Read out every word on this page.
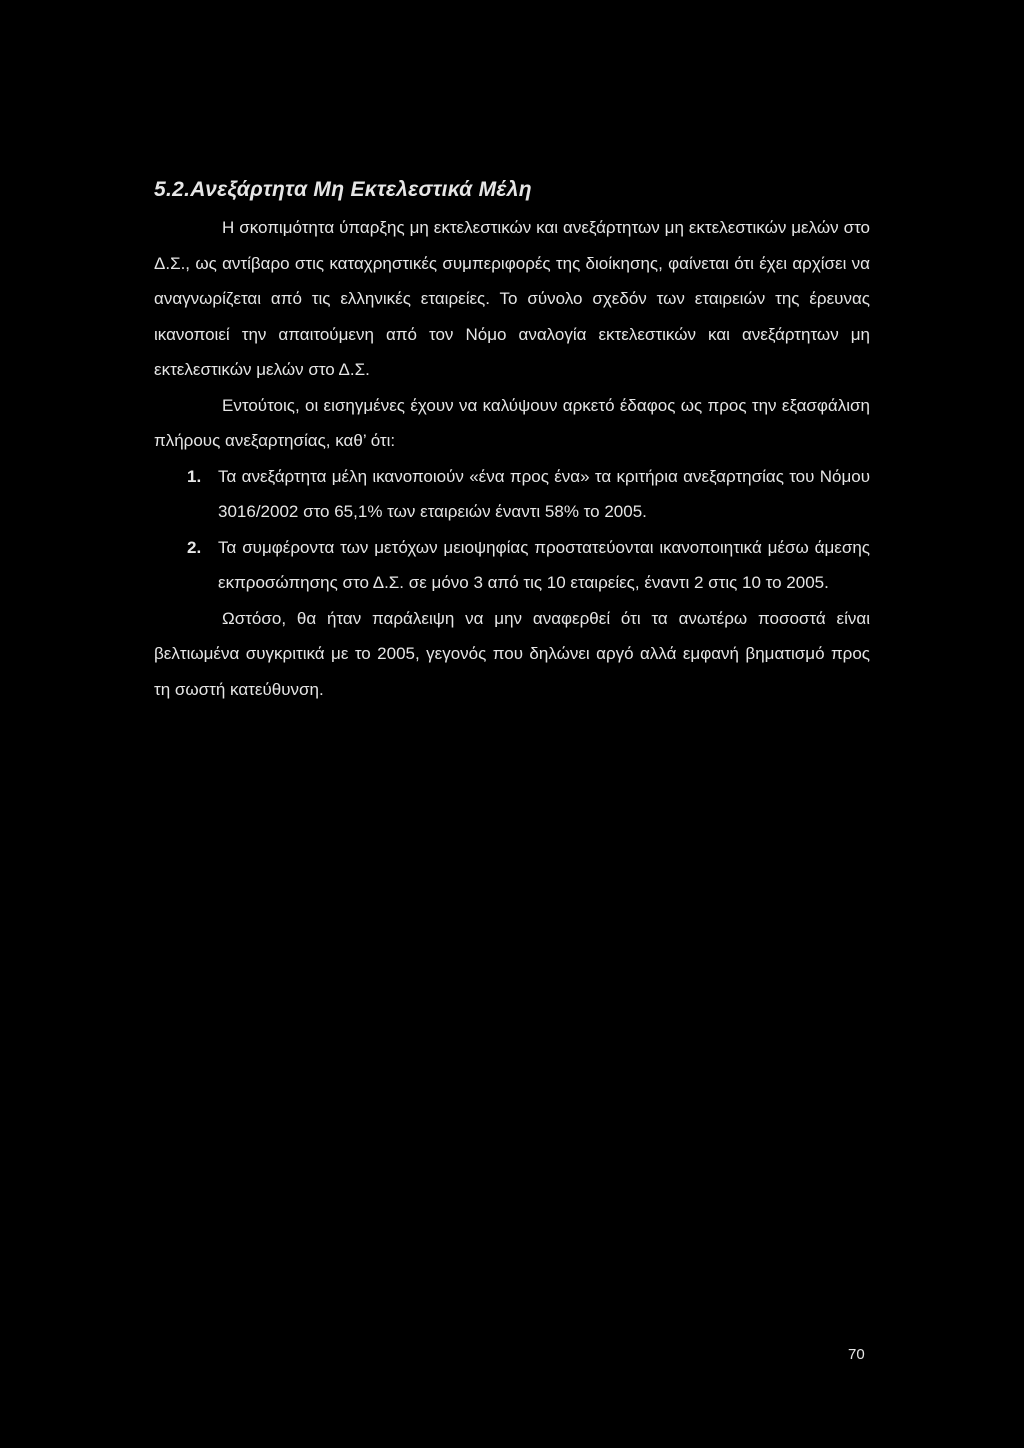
5.2.Ανεξάρτητα Μη Εκτελεστικά Μέλη

Η σκοπιμότητα ύπαρξης μη εκτελεστικών και ανεξάρτητων μη εκτελεστικών μελών στο Δ.Σ., ως αντίβαρο στις καταχρηστικές συμπεριφορές της διοίκησης, φαίνεται ότι έχει αρχίσει να αναγνωρίζεται από τις ελληνικές εταιρείες. Το σύνολο σχεδόν των εταιρειών της έρευνας ικανοποιεί την απαιτούμενη από τον Νόμο αναλογία εκτελεστικών και ανεξάρτητων μη εκτελεστικών μελών στο Δ.Σ.

Εντούτοις, οι εισηγμένες έχουν να καλύψουν αρκετό έδαφος ως προς την εξασφάλιση πλήρους ανεξαρτησίας, καθ’ ότι:

1. Τα ανεξάρτητα μέλη ικανοποιούν «ένα προς ένα» τα κριτήρια ανεξαρτησίας του Νόμου 3016/2002 στο 65,1% των εταιρειών έναντι 58% το 2005.
2. Τα συμφέροντα των μετόχων μειοψηφίας προστατεύονται ικανοποιητικά μέσω άμεσης εκπροσώπησης στο Δ.Σ. σε μόνο 3 από τις 10 εταιρείες, έναντι 2 στις 10 το 2005.

Ωστόσο, θα ήταν παράλειψη να μην αναφερθεί ότι τα ανωτέρω ποσοστά είναι βελτιωμένα συγκριτικά με το 2005, γεγονός που δηλώνει αργό αλλά εμφανή βηματισμό προς τη σωστή κατεύθυνση.

70
